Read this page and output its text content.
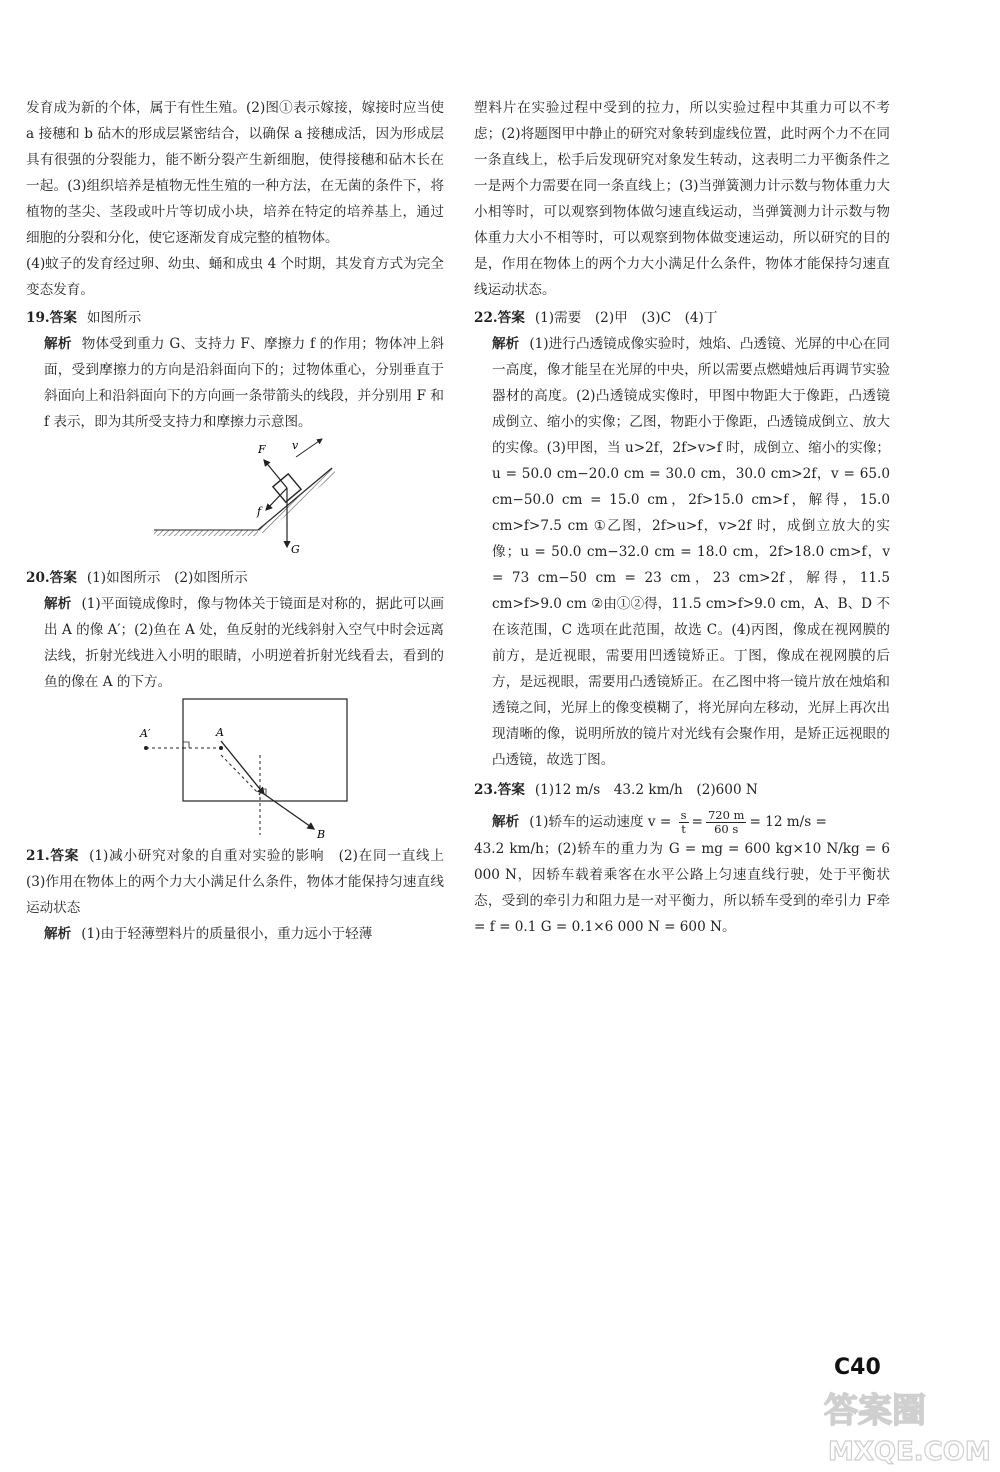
发育成为新的个体，属于有性生殖。(2)图①表示嫁接，嫁接时应当使 a 接穗和 b 砧木的形成层紧密结合，以确保 a 接穗成活，因为形成层具有很强的分裂能力，能不断分裂产生新细胞，使得接穗和砧木长在一起。(3)组织培养是植物无性生殖的一种方法，在无菌的条件下，将植物的茎尖、茎段或叶片等切成小块，培养在特定的培养基上，通过细胞的分裂和分化，使它逐渐发育成完整的植物体。

(4)蚊子的发育经过卵、幼虫、蛹和成虫 4 个时期，其发育方式为完全变态发育。

19.答案 如图所示

解析 物体受到重力 G、支持力 F、摩擦力 f 的作用；物体冲上斜面，受到摩擦力的方向是沿斜面向下的；过物体重心，分别垂直于斜面向上和沿斜面向下的方向画一条带箭头的线段，并分别用 F 和 f 表示，即为其所受支持力和摩擦力示意图。

F v
f
G

20.答案 (1)如图所示　(2)如图所示

解析 (1)平面镜成像时，像与物体关于镜面是对称的，据此可以画出 A 的像 A′；(2)鱼在 A 处，鱼反射的光线斜射入空气中时会远离法线，折射光线进入小明的眼睛，小明逆着折射光线看去，看到的鱼的像在 A 的下方。

A′	A
B

21.答案 (1)减小研究对象的自重对实验的影响　(2)在同一直线上　(3)作用在物体上的两个力大小满足什么条件，物体才能保持匀速直线运动状态

解析 (1)由于轻薄塑料片的质量很小，重力远小于轻薄

塑料片在实验过程中受到的拉力，所以实验过程中其重力可以不考虑；(2)将题图甲中静止的研究对象转到虚线位置，此时两个力不在同一条直线上，松手后发现研究对象发生转动，这表明二力平衡条件之一是两个力需要在同一条直线上；(3)当弹簧测力计示数与物体重力大小相等时，可以观察到物体做匀速直线运动，当弹簧测力计示数与物体重力大小不相等时，可以观察到物体做变速运动，所以研究的目的是，作用在物体上的两个力大小满足什么条件，物体才能保持匀速直线运动状态。

22.答案 (1)需要　(2)甲　(3)C　(4)丁

解析 (1)进行凸透镜成像实验时，烛焰、凸透镜、光屏的中心在同一高度，像才能呈在光屏的中央，所以需要点燃蜡烛后再调节实验器材的高度。(2)凸透镜成实像时，甲图中物距大于像距，凸透镜成倒立、缩小的实像；乙图，物距小于像距，凸透镜成倒立、放大的实像。(3)甲图，当 u>2f，2f>v>f 时，成倒立、缩小的实像；u = 50.0 cm−20.0 cm = 30.0 cm，30.0 cm>2f，v = 65.0 cm−50.0 cm = 15.0 cm，2f>15.0 cm>f，解得，15.0 cm>f>7.5 cm ①乙图，2f>u>f，v>2f 时，成倒立放大的实像；u = 50.0 cm−32.0 cm = 18.0 cm，2f>18.0 cm>f，v = 73 cm−50 cm = 23 cm，23 cm>2f，解得，11.5 cm>f>9.0 cm ②由①②得，11.5 cm>f>9.0 cm，A、B、D 不在该范围，C 选项在此范围，故选 C。(4)丙图，像成在视网膜的前方，是近视眼，需要用凹透镜矫正。丁图，像成在视网膜的后方，是远视眼，需要用凸透镜矫正。在乙图中将一镜片放在烛焰和透镜之间，光屏上的像变模糊了，将光屏向左移动，光屏上再次出现清晰的像，说明所放的镜片对光线有会聚作用，是矫正远视眼的凸透镜，故选丁图。

23.答案 (1)12 m/s　43.2 km/h　(2)600 N

解析 (1)轿车的运动速度 $v = \frac{s}{t} = \frac{720 m}{60 s} = 12$ m/s =

43.2 km/h；(2)轿车的重力为 G = mg = 600 kg×10 N/kg = 6 000 N，因轿车载着乘客在水平公路上匀速直线行驶，处于平衡状态，受到的牵引力和阻力是一对平衡力，所以轿车受到的牵引力 F牵 = f = 0.1 G = 0.1×6 000 N = 600 N。

C40
答案圈
MXQE.COM
